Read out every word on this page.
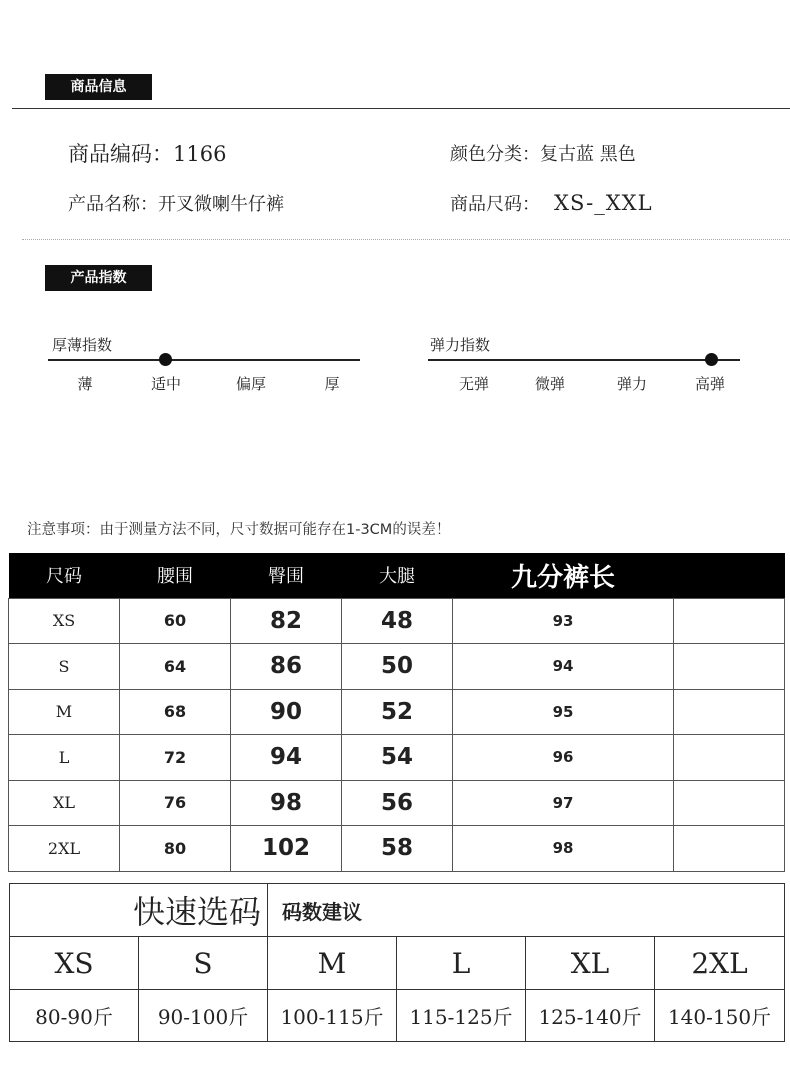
商品信息
商品编码：1166	颜色分类：复古蓝 黑色
产品名称：开叉微喇牛仔裤	商品尺码： XS-_XXL
产品指数
厚薄指数
薄	适中	偏厚	厚
弹力指数
无弹	微弹	弹力	高弹
注意事项：由于测量方法不同，尺寸数据可能存在1-3CM的误差！
尺码	腰围	臀围	大腿	九分裤长	
XS	60	82	48	93	
S	64	86	50	94	
M	68	90	52	95	
L	72	94	54	96	
XL	76	98	56	97	
2XL	80	102	58	98	
快速选码		码数建议			
XS	S	M	L	XL	2XL
80-90斤	90-100斤	100-115斤	115-125斤	125-140斤	140-150斤
